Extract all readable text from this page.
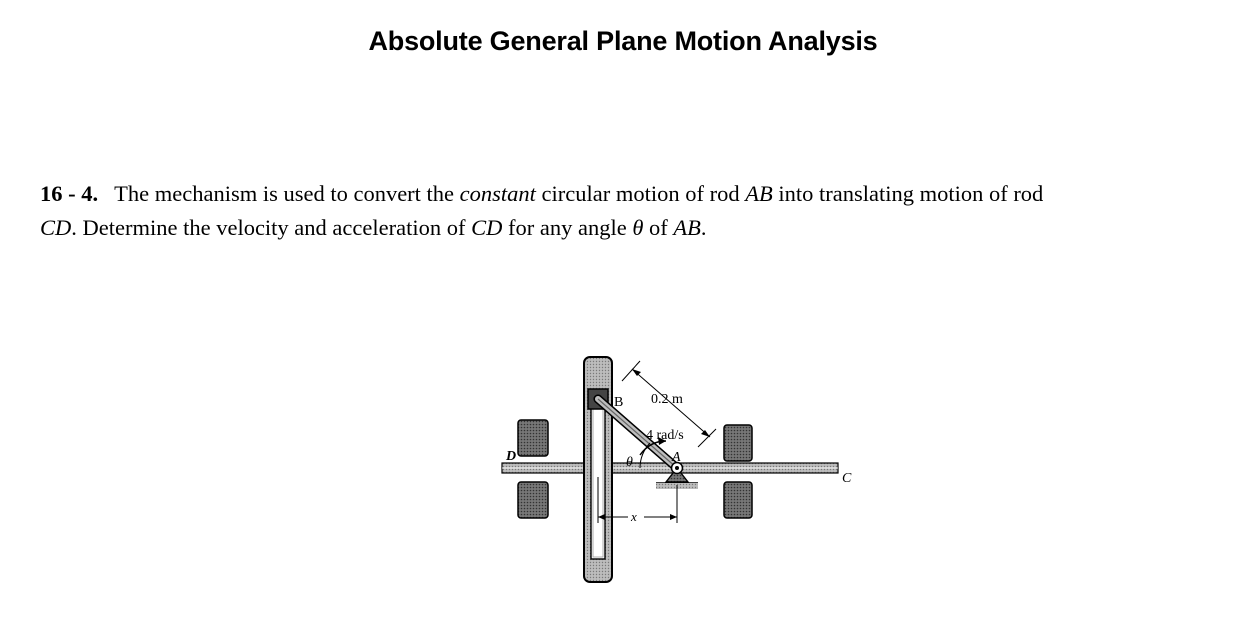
Absolute General Plane Motion Analysis
16 - 4. The mechanism is used to convert the constant circular motion of rod AB into translating motion of rod
CD. Determine the velocity and acceleration of CD for any angle θ of AB.
B 0.2 m
4 rad/s
A
θ
C
D
x
